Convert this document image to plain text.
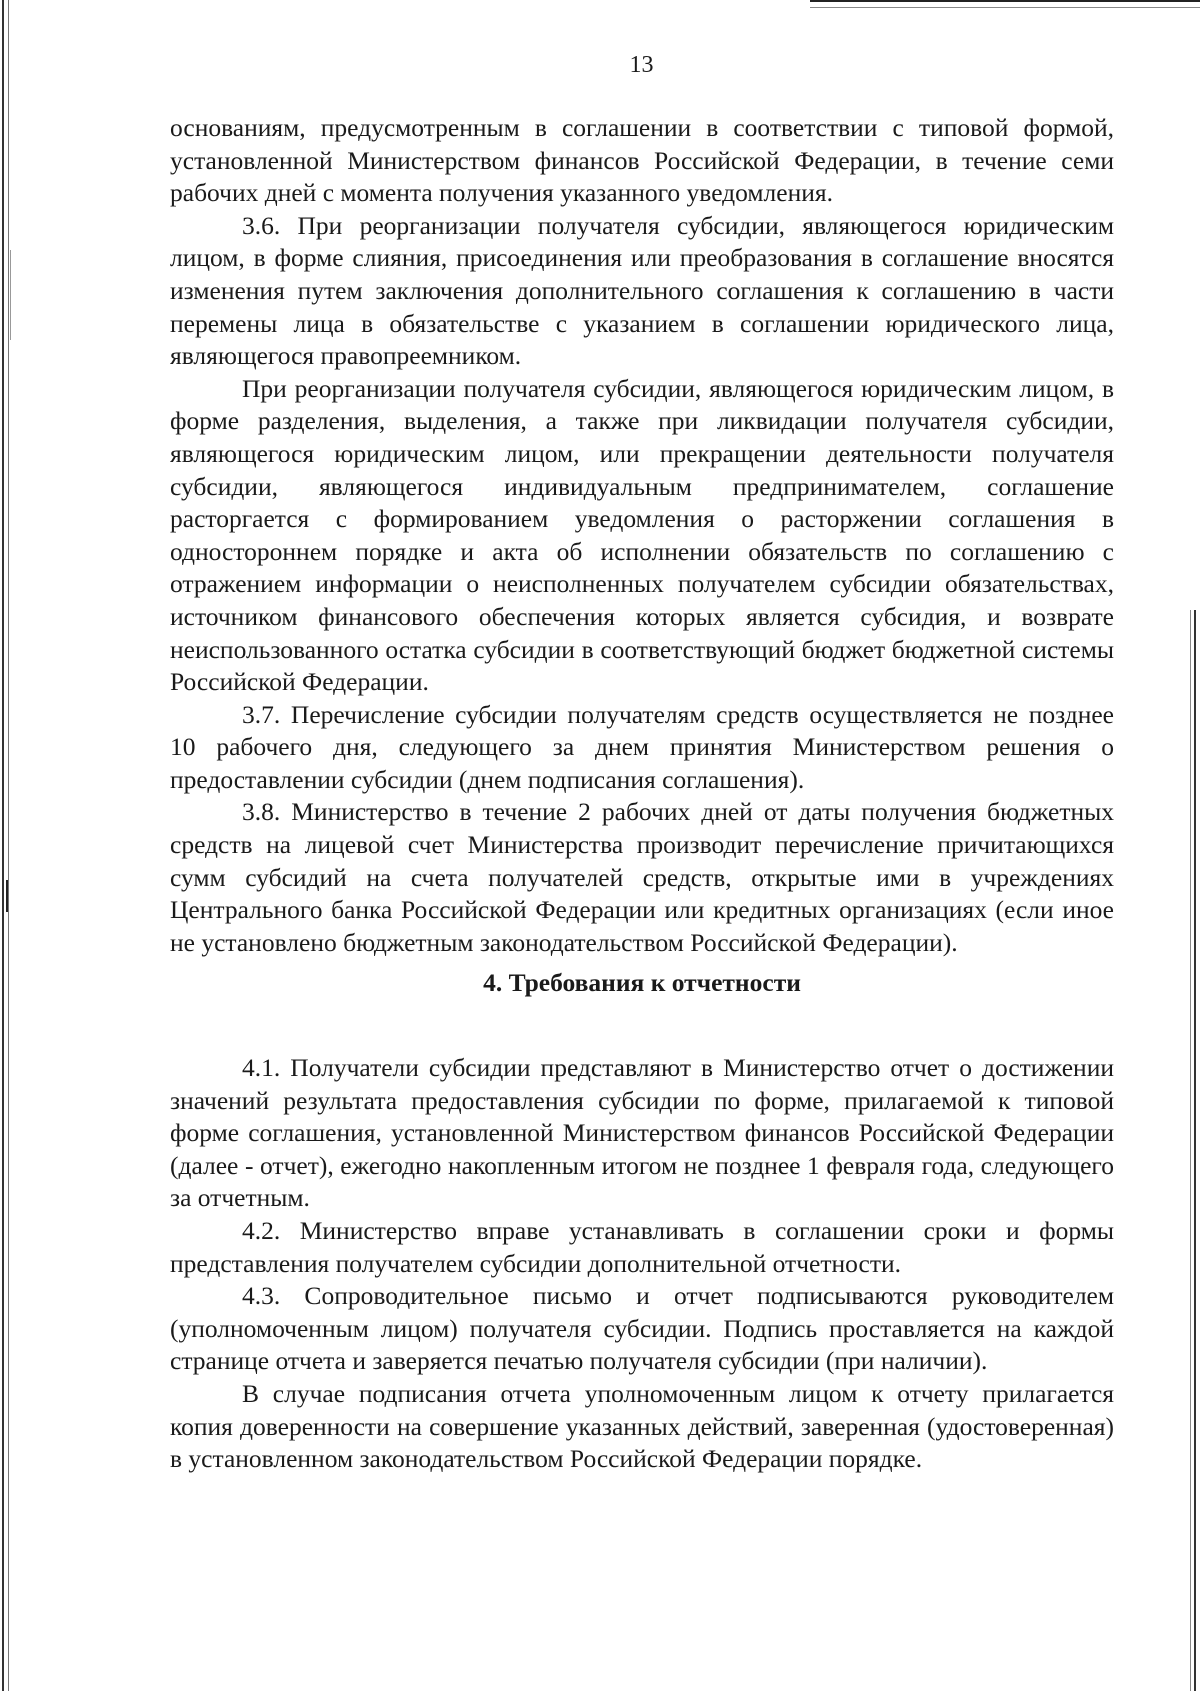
13

основаниям, предусмотренным в соглашении в соответствии с типовой формой, установленной Министерством финансов Российской Федерации, в течение семи рабочих дней с момента получения указанного уведомления.

3.6. При реорганизации получателя субсидии, являющегося юридическим лицом, в форме слияния, присоединения или преобразования в соглашение вносятся изменения путем заключения дополнительного соглашения к соглашению в части перемены лица в обязательстве с указанием в соглашении юридического лица, являющегося правопреемником.

При реорганизации получателя субсидии, являющегося юридическим лицом, в форме разделения, выделения, а также при ликвидации получателя субсидии, являющегося юридическим лицом, или прекращении деятельности получателя субсидии, являющегося индивидуальным предпринимателем, соглашение расторгается с формированием уведомления о расторжении соглашения в одностороннем порядке и акта об исполнении обязательств по соглашению с отражением информации о неисполненных получателем субсидии обязательствах, источником финансового обеспечения которых является субсидия, и возврате неиспользованного остатка субсидии в соответствующий бюджет бюджетной системы Российской Федерации.

3.7. Перечисление субсидии получателям средств осуществляется не позднее 10 рабочего дня, следующего за днем принятия Министерством решения о предоставлении субсидии (днем подписания соглашения).

3.8. Министерство в течение 2 рабочих дней от даты получения бюджетных средств на лицевой счет Министерства производит перечисление причитающихся сумм субсидий на счета получателей средств, открытые ими в учреждениях Центрального банка Российской Федерации или кредитных организациях (если иное не установлено бюджетным законодательством Российской Федерации).

4. Требования к отчетности

4.1. Получатели субсидии представляют в Министерство отчет о достижении значений результата предоставления субсидии по форме, прилагаемой к типовой форме соглашения, установленной Министерством финансов Российской Федерации (далее - отчет), ежегодно накопленным итогом не позднее 1 февраля года, следующего за отчетным.

4.2. Министерство вправе устанавливать в соглашении сроки и формы представления получателем субсидии дополнительной отчетности.

4.3. Сопроводительное письмо и отчет подписываются руководителем (уполномоченным лицом) получателя субсидии. Подпись проставляется на каждой странице отчета и заверяется печатью получателя субсидии (при наличии).

В случае подписания отчета уполномоченным лицом к отчету прилагается копия доверенности на совершение указанных действий, заверенная (удостоверенная) в установленном законодательством Российской Федерации порядке.
